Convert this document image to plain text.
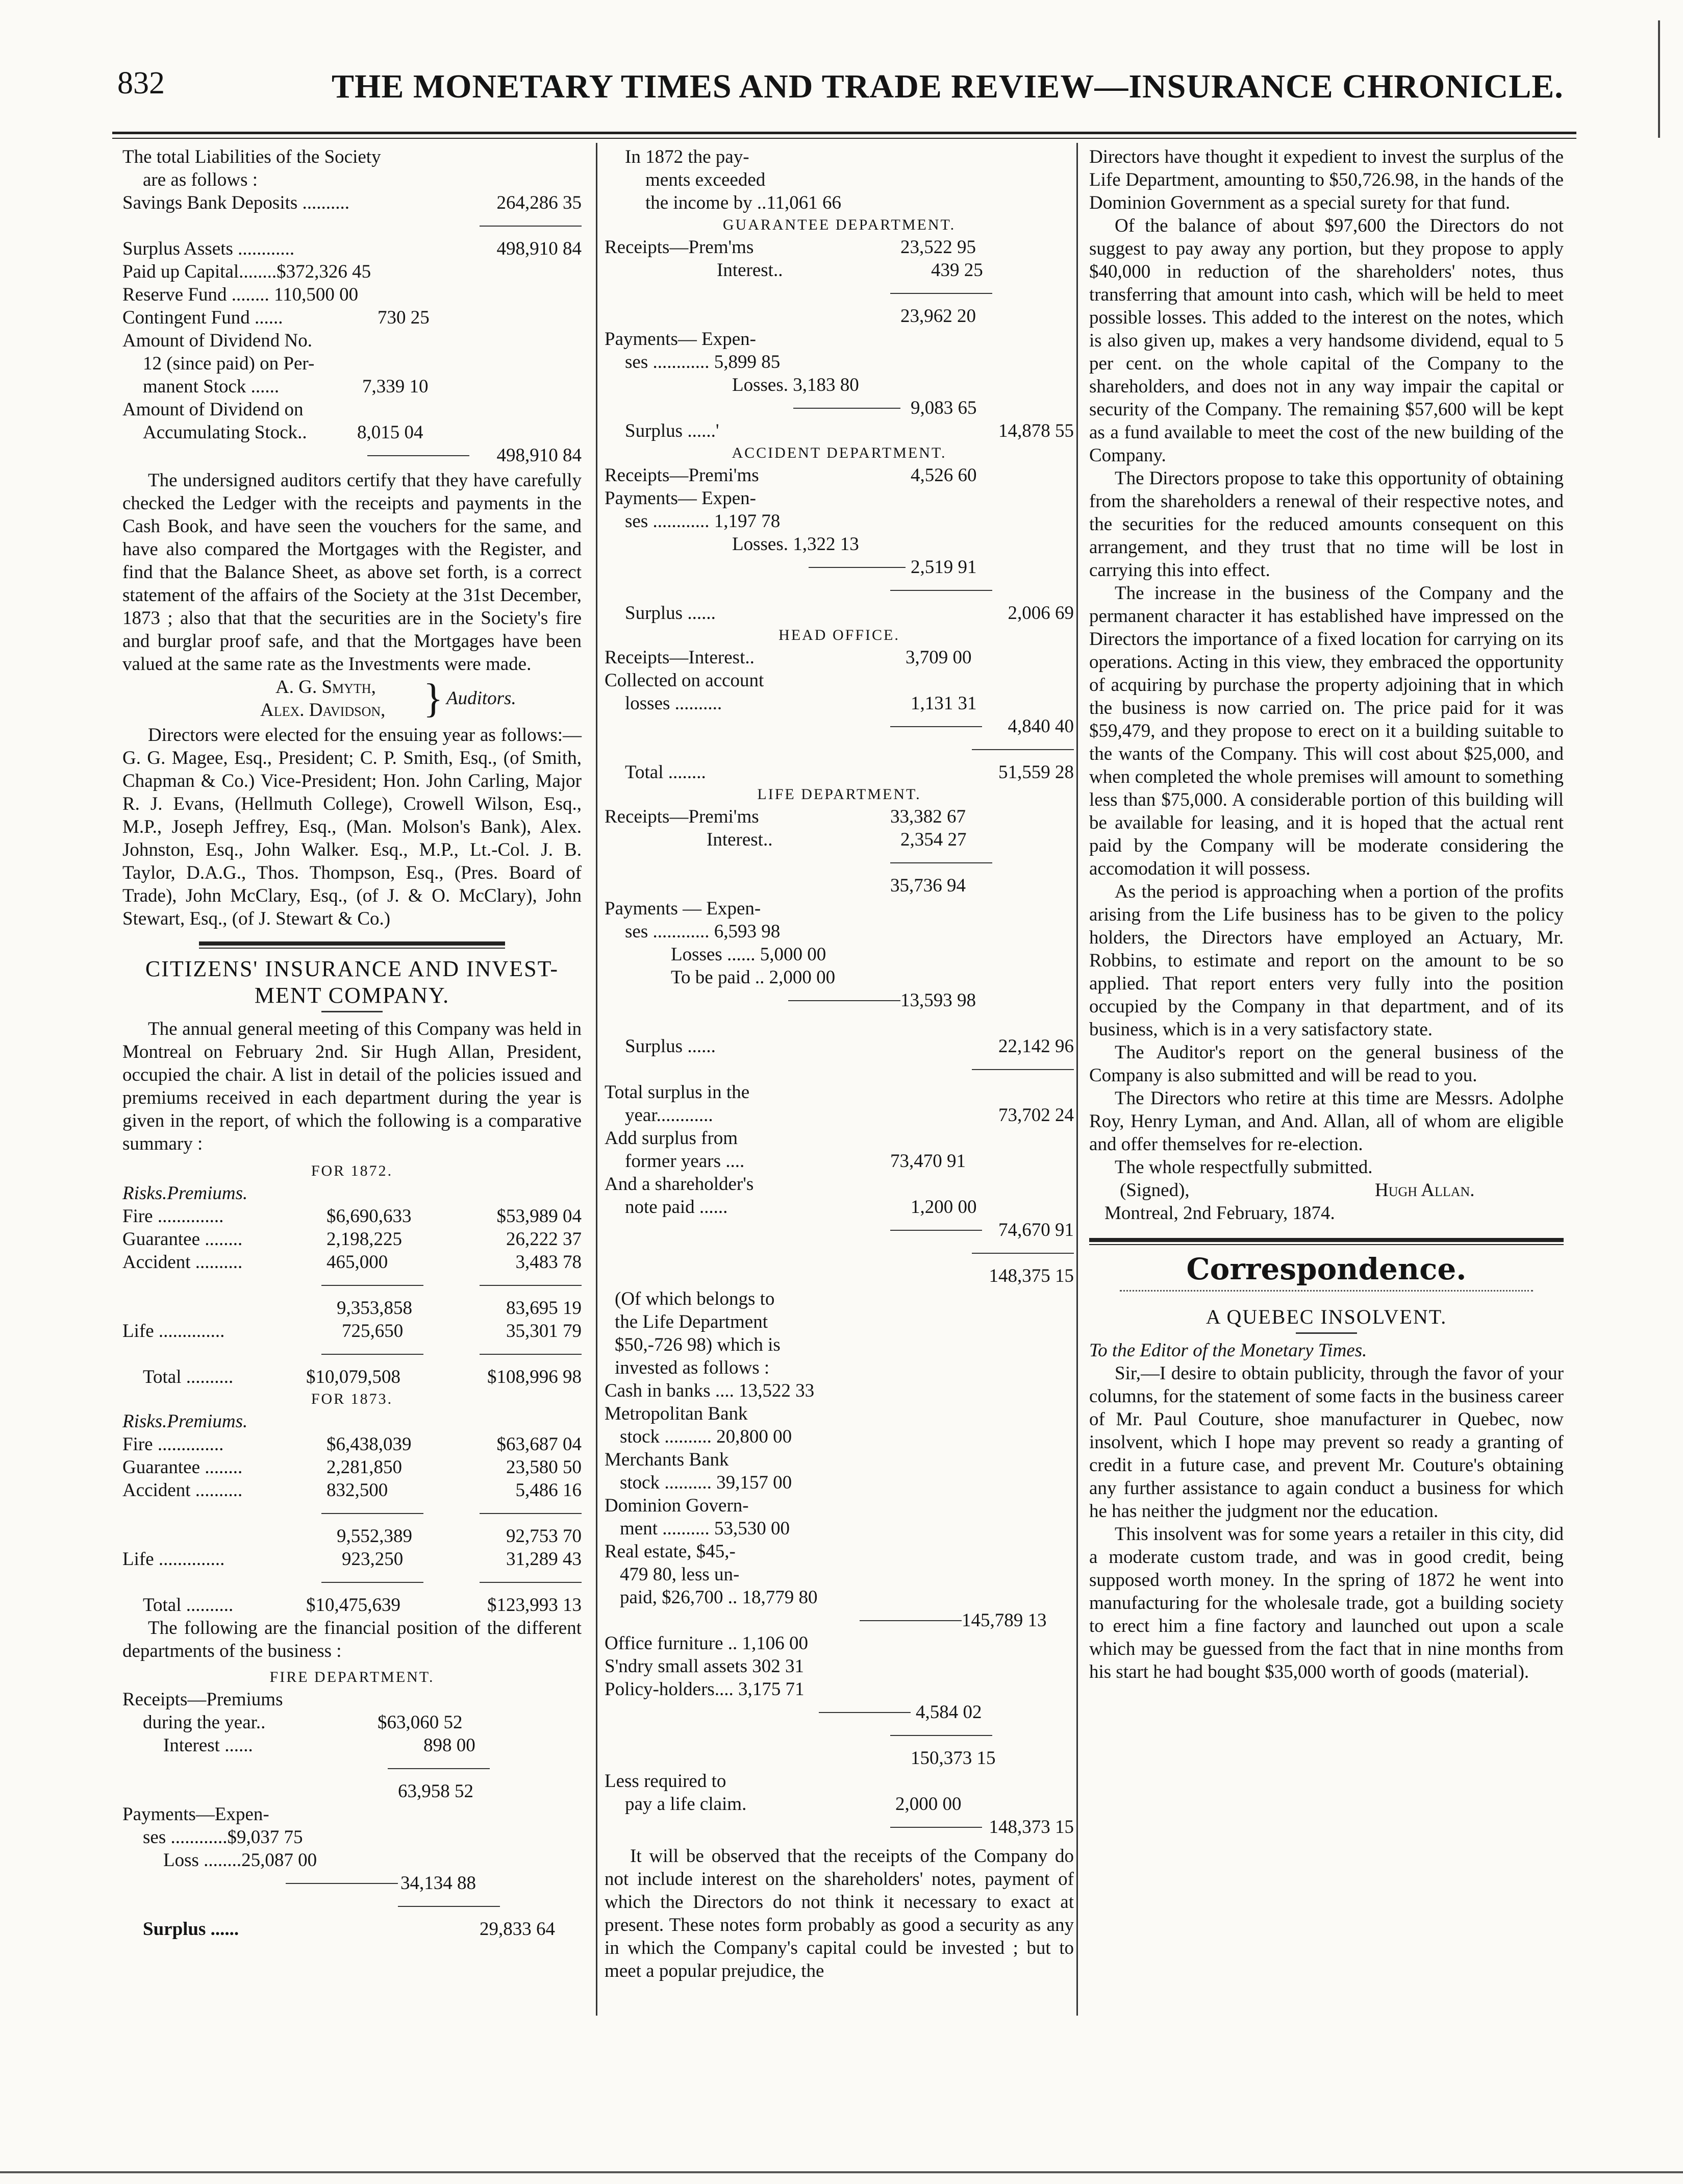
832	THE MONETARY TIMES AND TRADE REVIEW—INSURANCE CHRONICLE.
The total Liabilities of the Society
are as follows :
Savings Bank Deposits ..........	264,286 35
Surplus Assets ............	498,910 84
Paid up Capital........$372,326 45
Reserve Fund ........ 110,500 00
Contingent Fund ......	730 25
Amount of Dividend No.
12 (since paid) on Per-
manent Stock ......	7,339 10
Amount of Dividend on
Accumulating Stock..	8,015 04
498,910 84

The undersigned auditors certify that they have carefully checked the Ledger with the receipts and payments in the Cash Book, and have seen the vouchers for the same, and have also compared the Mortgages with the Register, and find that the Balance Sheet, as above set forth, is a correct statement of the affairs of the Society at the 31st December, 1873 ; also that that the securities are in the Society's fire and burglar proof safe, and that the Mortgages have been valued at the same rate as the Investments were made.

A. G. Smyth,
Alex. Davidson, } Auditors.

Directors were elected for the ensuing year as follows:—G. G. Magee, Esq., President; C. P. Smith, Esq., (of Smith, Chapman & Co.) Vice-President; Hon. John Carling, Major R. J. Evans, (Hellmuth College), Crowell Wilson, Esq., M.P., Joseph Jeffrey, Esq., (Man. Molson's Bank), Alex. Johnston, Esq., John Walker. Esq., M.P., Lt.-Col. J. B. Taylor, D.A.G., Thos. Thompson, Esq., (Pres. Board of Trade), John McClary, Esq., (of J. & O. McClary), John Stewart, Esq., (of J. Stewart & Co.)

CITIZENS' INSURANCE AND INVEST-MENT COMPANY.

The annual general meeting of this Company was held in Montreal on February 2nd. Sir Hugh Allan, President, occupied the chair. A list in detail of the policies issued and premiums received in each department during the year is given in the report, of which the following is a comparative summary :

FOR 1872.
Risks.Premiums.
Fire ..............	$6,690,633	$53,989 04
Guarantee ........	2,198,225	26,222 37
Accident ..........	465,000	3,483 78
9,353,858	83,695 19
Life ..............	725,650	35,301 79
Total ..........	$10,079,508	$108,996 98
FOR 1873.
Risks.Premiums.
Fire ..............	$6,438,039	$63,687 04
Guarantee ........	2,281,850	23,580 50
Accident ..........	832,500	5,486 16
9,552,389	92,753 70
Life ..............	923,250	31,289 43
Total ..........	$10,475,639	$123,993 13

The following are the financial position of the different departments of the business :

FIRE DEPARTMENT.
Receipts—Premiums
during the year..	$63,060 52
Interest ......	898 00
63,958 52
Payments—Expen-
ses ............$9,037 75
Loss ........25,087 00
34,134 88
Surplus ......	29,833 64
In 1872 the pay-
ments exceeded
the income by ..11,061 66
GUARANTEE DEPARTMENT.
Receipts—Prem'ms	23,522 95
Interest..	439 25
23,962 20
Payments— Expen-
ses ............ 5,899 85
Losses. 3,183 80
9,083 65
Surplus ......'	14,878 55
ACCIDENT DEPARTMENT.
Receipts—Premi'ms	4,526 60
Payments— Expen-
ses ............ 1,197 78
Losses. 1,322 13
2,519 91
Surplus ......	2,006 69
HEAD OFFICE.
Receipts—Interest..	3,709 00
Collected on account
losses ..........	1,131 31
4,840 40
Total ........	51,559 28
LIFE DEPARTMENT.
Receipts—Premi'ms	33,382 67
Interest..	2,354 27
35,736 94
Payments — Expen-
ses ............ 6,593 98
Losses ...... 5,000 00
To be paid .. 2,000 00
13,593 98
Surplus ......	22,142 96
Total surplus in the
year............	73,702 24
Add surplus from
former years ....	73,470 91
And a shareholder's
note paid ......	1,200 00
74,670 91
148,375 15

(Of which belongs to the Life Department $50,-726 98) which is invested as follows :

Cash in banks .... 13,522 33
Metropolitan Bank
stock .......... 20,800 00
Merchants Bank
stock .......... 39,157 00
Dominion Govern-
ment .......... 53,530 00
Real estate, $45,-
479 80, less un-
paid, $26,700 .. 18,779 80
145,789 13
Office furniture .. 1,106 00
S'ndry small assets 302 31
Policy-holders.... 3,175 71
4,584 02
150,373 15
Less required to
pay a life claim.	2,000 00
148,373 15

It will be observed that the receipts of the Company do not include interest on the shareholders' notes, payment of which the Directors do not think it necessary to exact at present. These notes form probably as good a security as any in which the Company's capital could be invested ; but to meet a popular prejudice, the

Directors have thought it expedient to invest the surplus of the Life Department, amounting to $50,726.98, in the hands of the Dominion Government as a special surety for that fund.

Of the balance of about $97,600 the Directors do not suggest to pay away any portion, but they propose to apply $40,000 in reduction of the shareholders' notes, thus transferring that amount into cash, which will be held to meet possible losses. This added to the interest on the notes, which is also given up, makes a very handsome dividend, equal to 5 per cent. on the whole capital of the Company to the shareholders, and does not in any way impair the capital or security of the Company. The remaining $57,600 will be kept as a fund available to meet the cost of the new building of the Company.

The Directors propose to take this opportunity of obtaining from the shareholders a renewal of their respective notes, and the securities for the reduced amounts consequent on this arrangement, and they trust that no time will be lost in carrying this into effect.

The increase in the business of the Company and the permanent character it has established have impressed on the Directors the importance of a fixed location for carrying on its operations. Acting in this view, they embraced the opportunity of acquiring by purchase the property adjoining that in which the business is now carried on. The price paid for it was $59,479, and they propose to erect on it a building suitable to the wants of the Company. This will cost about $25,000, and when completed the whole premises will amount to something less than $75,000. A considerable portion of this building will be available for leasing, and it is hoped that the actual rent paid by the Company will be moderate considering the accomodation it will possess.

As the period is approaching when a portion of the profits arising from the Life business has to be given to the policy holders, the Directors have employed an Actuary, Mr. Robbins, to estimate and report on the amount to be so applied. That report enters very fully into the position occupied by the Company in that department, and of its business, which is in a very satisfactory state.

The Auditor's report on the general business of the Company is also submitted and will be read to you.

The Directors who retire at this time are Messrs. Adolphe Roy, Henry Lyman, and And. Allan, all of whom are eligible and offer themselves for re-election.

The whole respectfully submitted.

(Signed),	Hugh Allan.
Montreal, 2nd February, 1874.
Correspondence.
A QUEBEC INSOLVENT.

To the Editor of the Monetary Times.

Sir,—I desire to obtain publicity, through the favor of your columns, for the statement of some facts in the business career of Mr. Paul Couture, shoe manufacturer in Quebec, now insolvent, which I hope may prevent so ready a granting of credit in a future case, and prevent Mr. Couture's obtaining any further assistance to again conduct a business for which he has neither the judgment nor the education.

This insolvent was for some years a retailer in this city, did a moderate custom trade, and was in good credit, being supposed worth money. In the spring of 1872 he went into manufacturing for the wholesale trade, got a building society to erect him a fine factory and launched out upon a scale which may be guessed from the fact that in nine months from his start he had bought $35,000 worth of goods (material).
